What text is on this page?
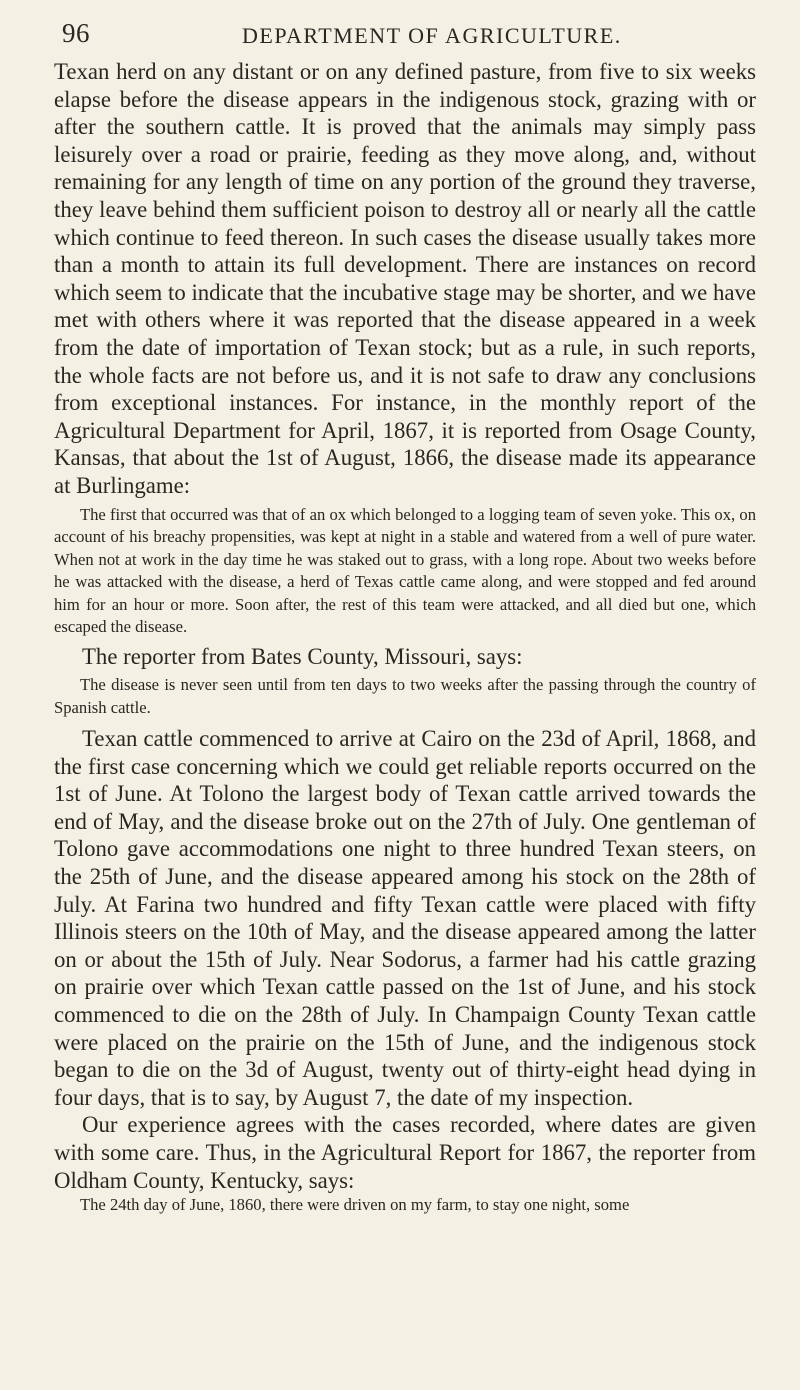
96	DEPARTMENT OF AGRICULTURE.

Texan herd on any distant or on any defined pasture, from five to six weeks elapse before the disease appears in the indigenous stock, grazing with or after the southern cattle. It is proved that the animals may simply pass leisurely over a road or prairie, feeding as they move along, and, without remaining for any length of time on any portion of the ground they traverse, they leave behind them sufficient poison to destroy all or nearly all the cattle which continue to feed thereon. In such cases the disease usually takes more than a month to attain its full development. There are instances on record which seem to indicate that the incubative stage may be shorter, and we have met with others where it was reported that the disease appeared in a week from the date of importation of Texan stock; but as a rule, in such reports, the whole facts are not before us, and it is not safe to draw any conclusions from exceptional instances. For instance, in the monthly report of the Agricultural Department for April, 1867, it is reported from Osage County, Kansas, that about the 1st of August, 1866, the disease made its appearance at Burlingame:

The first that occurred was that of an ox which belonged to a logging team of seven yoke. This ox, on account of his breachy propensities, was kept at night in a stable and watered from a well of pure water. When not at work in the day time he was staked out to grass, with a long rope. About two weeks before he was attacked with the disease, a herd of Texas cattle came along, and were stopped and fed around him for an hour or more. Soon after, the rest of this team were attacked, and all died but one, which escaped the disease.

The reporter from Bates County, Missouri, says:

The disease is never seen until from ten days to two weeks after the passing through the country of Spanish cattle.

Texan cattle commenced to arrive at Cairo on the 23d of April, 1868, and the first case concerning which we could get reliable reports occurred on the 1st of June. At Tolono the largest body of Texan cattle arrived towards the end of May, and the disease broke out on the 27th of July. One gentleman of Tolono gave accommodations one night to three hundred Texan steers, on the 25th of June, and the disease appeared among his stock on the 28th of July. At Farina two hundred and fifty Texan cattle were placed with fifty Illinois steers on the 10th of May, and the disease appeared among the latter on or about the 15th of July. Near Sodorus, a farmer had his cattle grazing on prairie over which Texan cattle passed on the 1st of June, and his stock commenced to die on the 28th of July. In Champaign County Texan cattle were placed on the prairie on the 15th of June, and the indigenous stock began to die on the 3d of August, twenty out of thirty-eight head dying in four days, that is to say, by August 7, the date of my inspection.

Our experience agrees with the cases recorded, where dates are given with some care. Thus, in the Agricultural Report for 1867, the reporter from Oldham County, Kentucky, says:

The 24th day of June, 1860, there were driven on my farm, to stay one night, some
